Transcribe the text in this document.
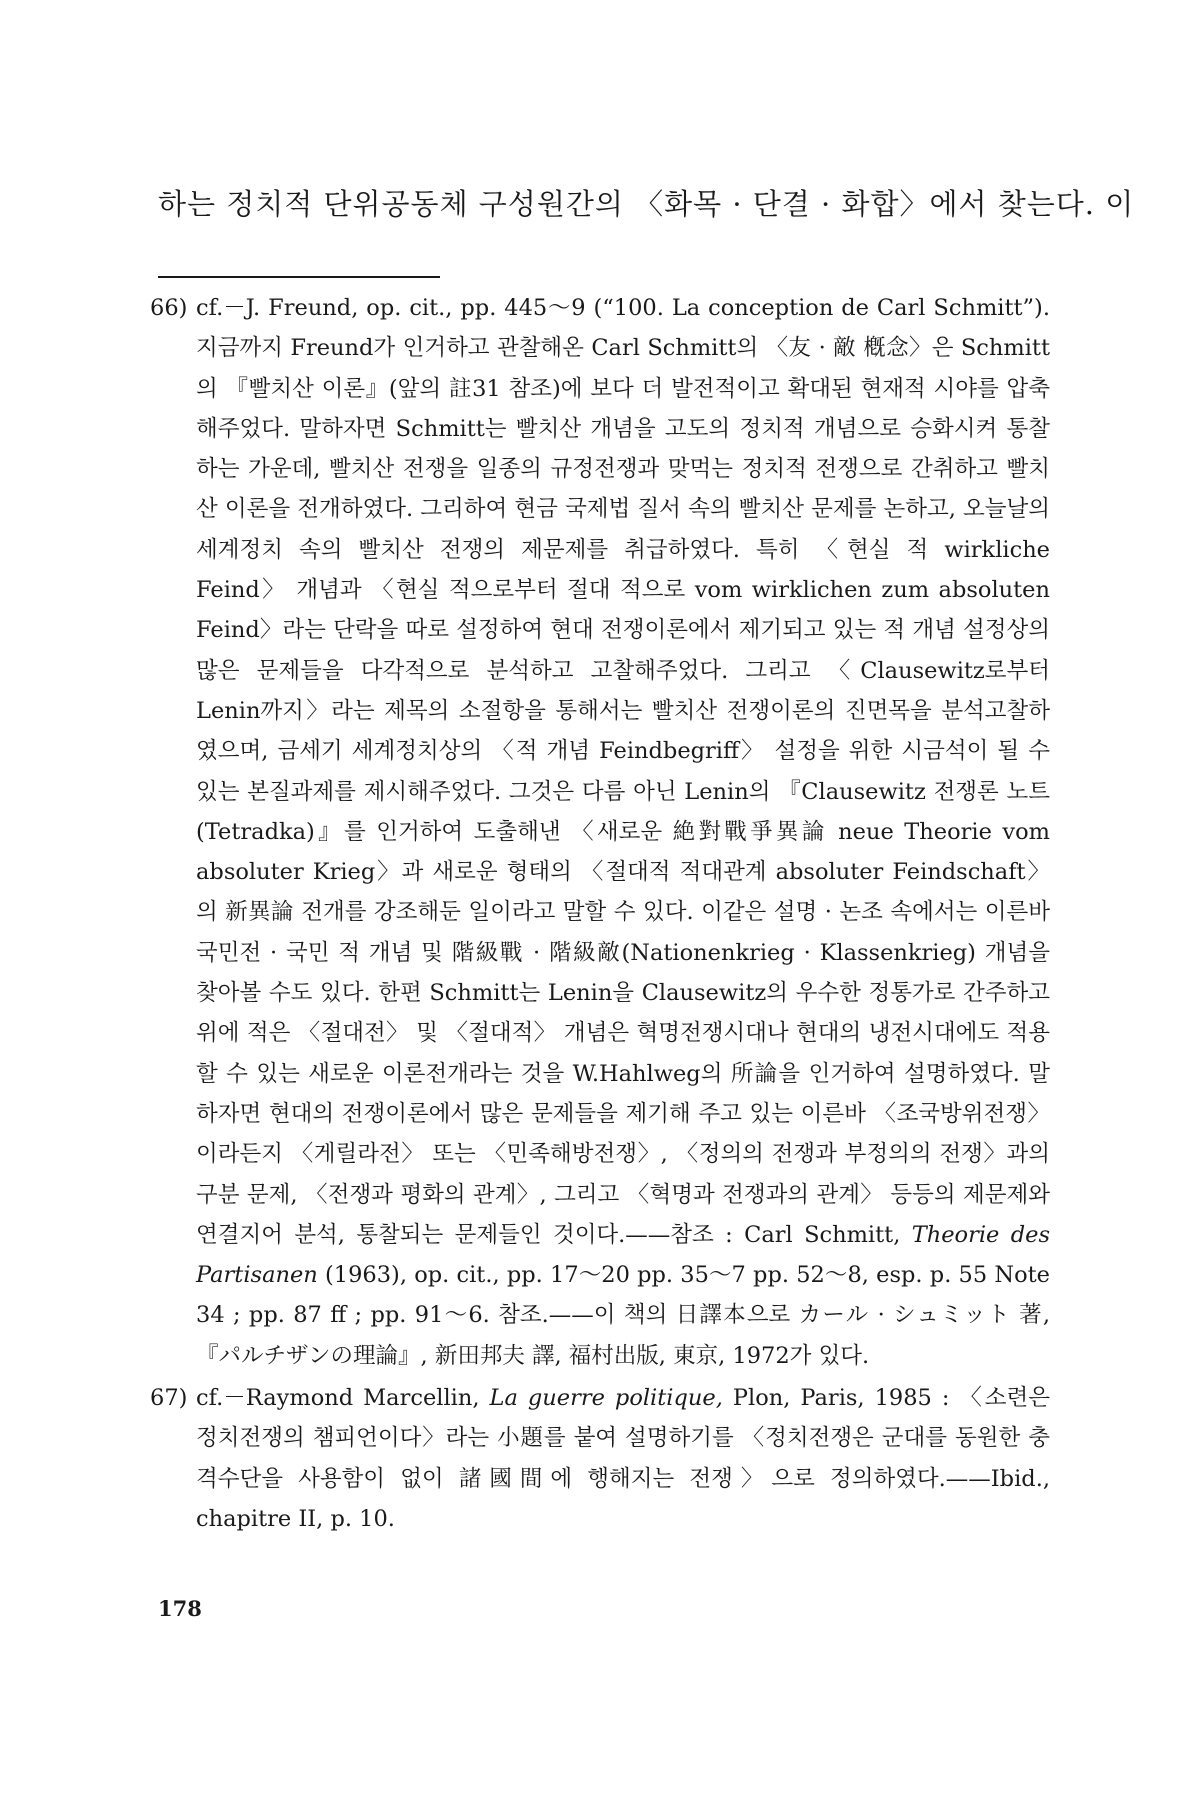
하는 정치적 단위공동체 구성원간의 〈화목 · 단결 · 화합〉에서 찾는다. 이

66) cf.－J. Freund, op. cit., pp. 445～9 (“100. La conception de Carl Schmitt”). 지금까지 Freund가 인거하고 관찰해온 Carl Schmitt의 〈友 · 敵 槪念〉은 Schmitt의 『빨치산 이론』(앞의 註31 참조)에 보다 더 발전적이고 확대된 현재적 시야를 압축해주었다. 말하자면 Schmitt는 빨치산 개념을 고도의 정치적 개념으로 승화시켜 통찰하는 가운데, 빨치산 전쟁을 일종의 규정전쟁과 맞먹는 정치적 전쟁으로 간취하고 빨치산 이론을 전개하였다. 그리하여 현금 국제법 질서 속의 빨치산 문제를 논하고, 오늘날의 세계정치 속의 빨치산 전쟁의 제문제를 취급하였다. 특히 〈현실 적 wirkliche Feind〉 개념과 〈현실 적으로부터 절대 적으로 vom wirklichen zum absoluten Feind〉라는 단락을 따로 설정하여 현대 전쟁이론에서 제기되고 있는 적 개념 설정상의 많은 문제들을 다각적으로 분석하고 고찰해주었다. 그리고 〈Clausewitz로부터 Lenin까지〉라는 제목의 소절항을 통해서는 빨치산 전쟁이론의 진면목을 분석고찰하였으며, 금세기 세계정치상의 〈적 개념 Feindbegriff〉 설정을 위한 시금석이 될 수 있는 본질과제를 제시해주었다. 그것은 다름 아닌 Lenin의 『Clausewitz 전쟁론 노트(Tetradka)』를 인거하여 도출해낸 〈새로운 絶對戰爭異論 neue Theorie vom absoluter Krieg〉과 새로운 형태의 〈절대적 적대관계 absoluter Feindschaft〉의 新異論 전개를 강조해둔 일이라고 말할 수 있다. 이같은 설명 · 논조 속에서는 이른바 국민전 · 국민 적 개념 및 階級戰 · 階級敵(Nationenkrieg · Klassenkrieg) 개념을 찾아볼 수도 있다. 한편 Schmitt는 Lenin을 Clausewitz의 우수한 정통가로 간주하고 위에 적은 〈절대전〉 및 〈절대적〉 개념은 혁명전쟁시대나 현대의 냉전시대에도 적용할 수 있는 새로운 이론전개라는 것을 W.Hahlweg의 所論을 인거하여 설명하였다. 말하자면 현대의 전쟁이론에서 많은 문제들을 제기해 주고 있는 이른바 〈조국방위전쟁〉이라든지 〈게릴라전〉 또는 〈민족해방전쟁〉, 〈정의의 전쟁과 부정의의 전쟁〉과의 구분 문제, 〈전쟁과 평화의 관계〉, 그리고 〈혁명과 전쟁과의 관계〉 등등의 제문제와 연결지어 분석, 통찰되는 문제들인 것이다.——참조 : Carl Schmitt, Theorie des Partisanen (1963), op. cit., pp. 17～20 pp. 35～7 pp. 52～8, esp. p. 55 Note 34 ; pp. 87 ff ; pp. 91～6. 참조.——이 책의 日譯本으로 カール · シュミット 著, 『パルチザンの理論』, 新田邦夫 譯, 福村出版, 東京, 1972가 있다.

67) cf.－Raymond Marcellin, La guerre politique, Plon, Paris, 1985 : 〈소련은 정치전쟁의 챔피언이다〉라는 小題를 붙여 설명하기를 〈정치전쟁은 군대를 동원한 충격수단을 사용함이 없이 諸國間에 행해지는 전쟁〉으로 정의하였다.——Ibid., chapitre II, p. 10.

178
